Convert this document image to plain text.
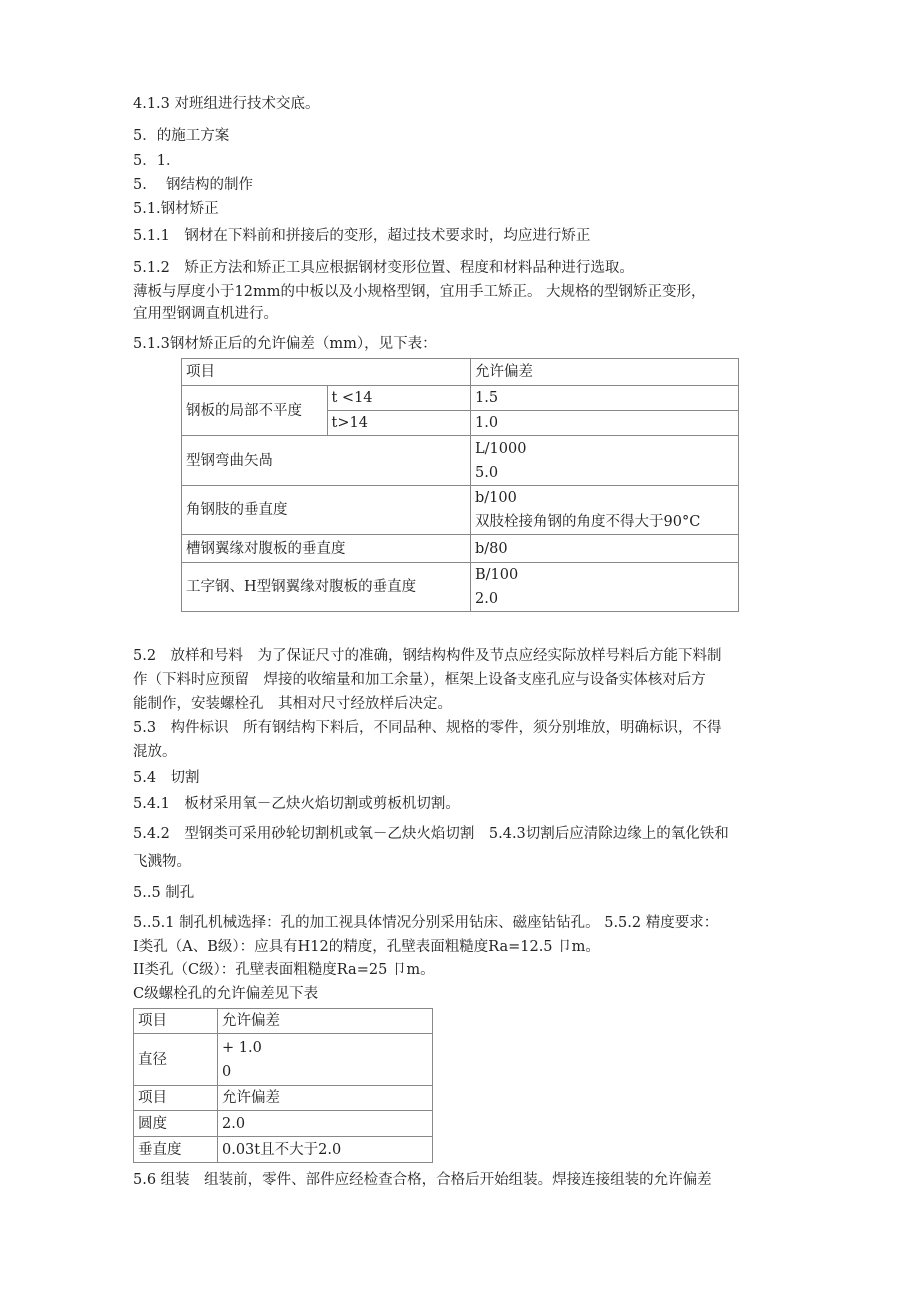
4.1.3 对班组进行技术交底。
5．的施工方案
5．1．
5.　 钢结构的制作
5.1.钢材矫正
5.1.1　钢材在下料前和拼接后的变形，超过技术要求时，均应进行矫正
5.1.2　矫正方法和矫正工具应根据钢材变形位置、程度和材料品种进行选取。
薄板与厚度小于12mm的中板以及小规格型钢，宜用手工矫正。 大规格的型钢矫正变形，
宜用型钢调直机进行。
5.1.3钢材矫正后的允许偏差（mm），见下表：
项目		允许偏差
钢板的局部不平度	t <14	1.5
	t>14	1.0
型钢弯曲矢咼		L/1000
5.0

角钢肢的垂直度		b/100
双肢栓接角钢的角度不得大于90°C

槽钢翼缘对腹板的垂直度		b/80
工字钢、H型钢翼缘对腹板的垂直度		B/100
2.0
5.2　放样和号料　为了保证尺寸的准确，钢结构构件及节点应经实际放样号料后方能下料制
作（下料时应预留　焊接的收缩量和加工余量），框架上设备支座孔应与设备实体核对后方
能制作，安装螺栓孔　其相对尺寸经放样后决定。
5.3　构件标识　所有钢结构下料后，不同品种、规格的零件，须分别堆放，明确标识，不得
混放。
5.4　切割
5.4.1　板材采用氧－乙炔火焰切割或剪板机切割。
5.4.2　型钢类可采用砂轮切割机或氧－乙炔火焰切割　5.4.3切割后应清除边缘上的氧化铁和
飞溅物。
5..5 制孔
5..5.1 制孔机械选择：孔的加工视具体情况分别采用钻床、磁座钻钻孔。 5.5.2 精度要求：
I类孔（A、B级）：应具有H12的精度，孔壁表面粗糙度Ra=12.5 卩m。
II类孔（C级）：孔壁表面粗糙度Ra=25 卩m。
C级螺栓孔的允许偏差见下表
项目	允许偏差
直径	+ 1.0
0

项目	允许偏差
圆度	2.0
垂直度	0.03t且不大于2.0
5.6 组装　组装前，零件、部件应经检查合格，合格后开始组装。焊接连接组装的允许偏差
